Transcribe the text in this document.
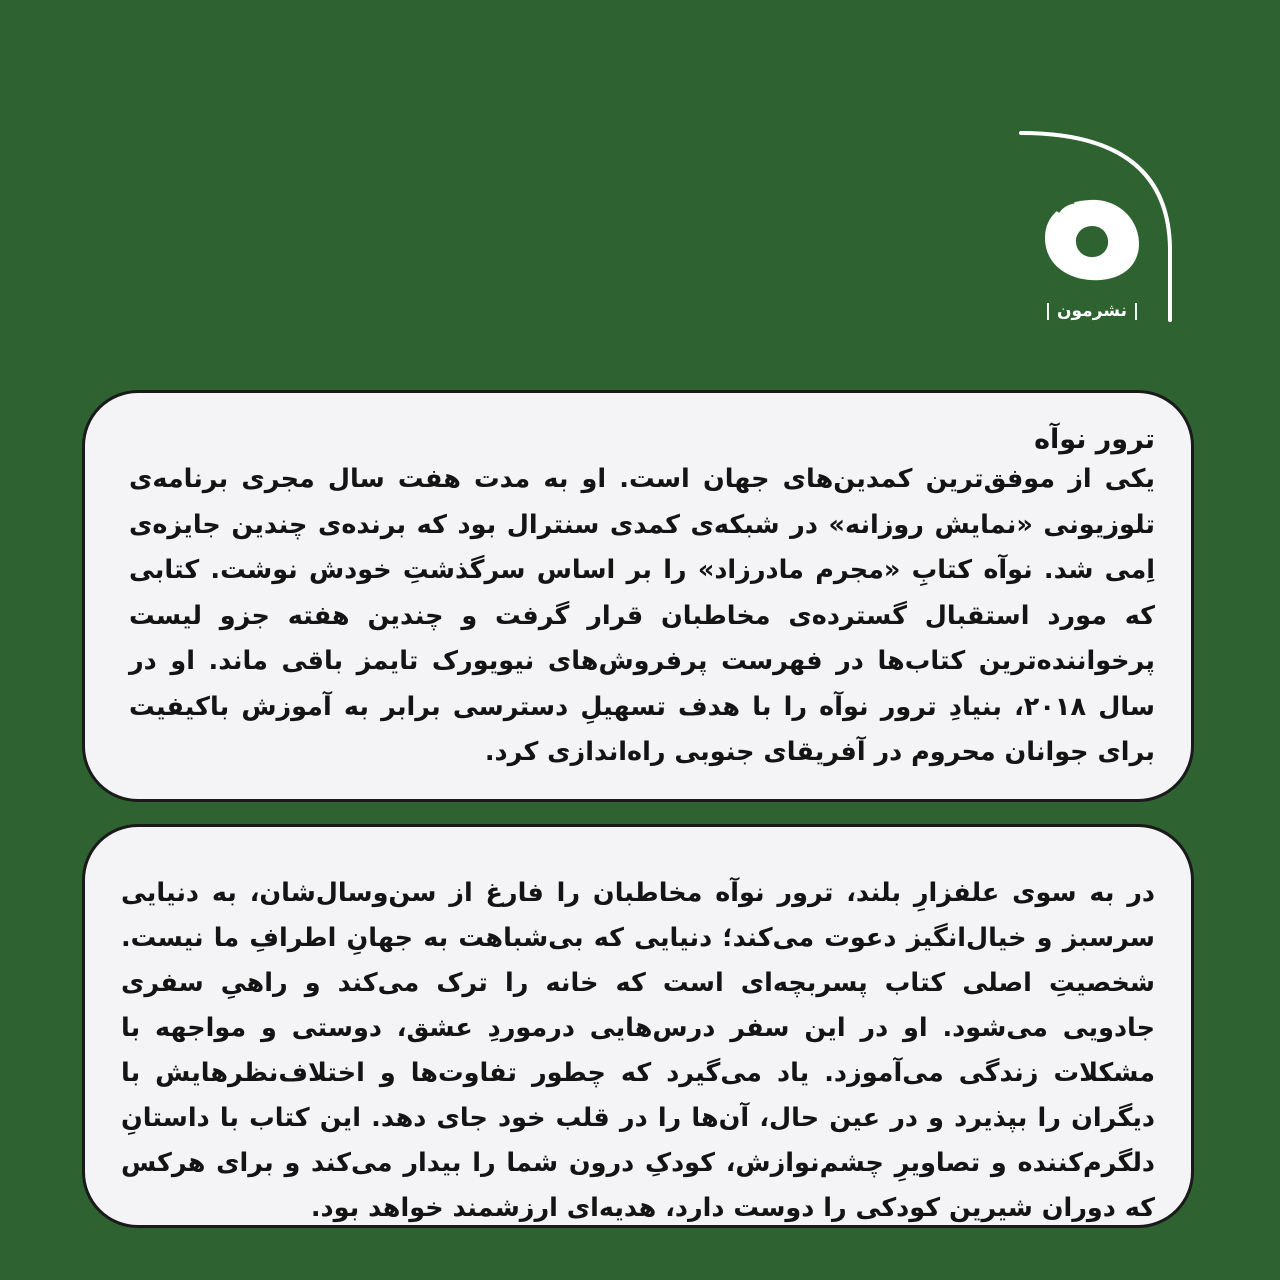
| نشرمون |
ترور نوآه

یکی از موفق‌ترین کمدین‌های جهان است. او به مدت هفت سال مجری برنامه‌ی تلوزیونی «نمایش روزانه» در شبکه‌ی کمدی سنترال بود که برنده‌ی چندین جایزه‌ی اِمی شد. نوآه کتابِ «مجرم مادرزاد» را بر اساس سرگذشتِ خودش نوشت. کتابی که مورد استقبال گسترده‌ی مخاطبان قرار گرفت و چندین هفته جزو لیست پرخواننده‌ترین کتاب‌ها در فهرست پرفروش‌های نیویورک تایمز باقی ماند. او در سال ۲۰۱۸، بنیادِ ترور نوآه را با هدف تسهیلِ دسترسی برابر به آموزش باکیفیت برای جوانان محروم در آفریقای جنوبی راه‌اندازی کرد.

در به سوی علفزارِ بلند، ترور نوآه مخاطبان را فارغ از سن‌وسال‌شان، به دنیایی سرسبز و خیال‌انگیز دعوت می‌کند؛ دنیایی که بی‌شباهت به جهانِ اطرافِ ما نیست. شخصیتِ اصلی کتاب پسربچه‌ای است که خانه را ترک می‌کند و راهیِ سفری جادویی می‌شود. او در این سفر درس‌هایی درموردِ عشق، دوستی و مواجهه با مشکلات زندگی می‌آموزد. یاد می‌گیرد که چطور تفاوت‌ها و اختلاف‌نظرهایش با دیگران را بپذیرد و در عین حال، آن‌ها را در قلب خود جای دهد. این کتاب با داستانِ دلگرم‌کننده و تصاویرِ چشم‌نوازش، کودکِ درون شما را بیدار می‌کند و برای هرکس که دوران شیرین کودکی را دوست دارد، هدیه‌ای ارزشمند خواهد بود.
